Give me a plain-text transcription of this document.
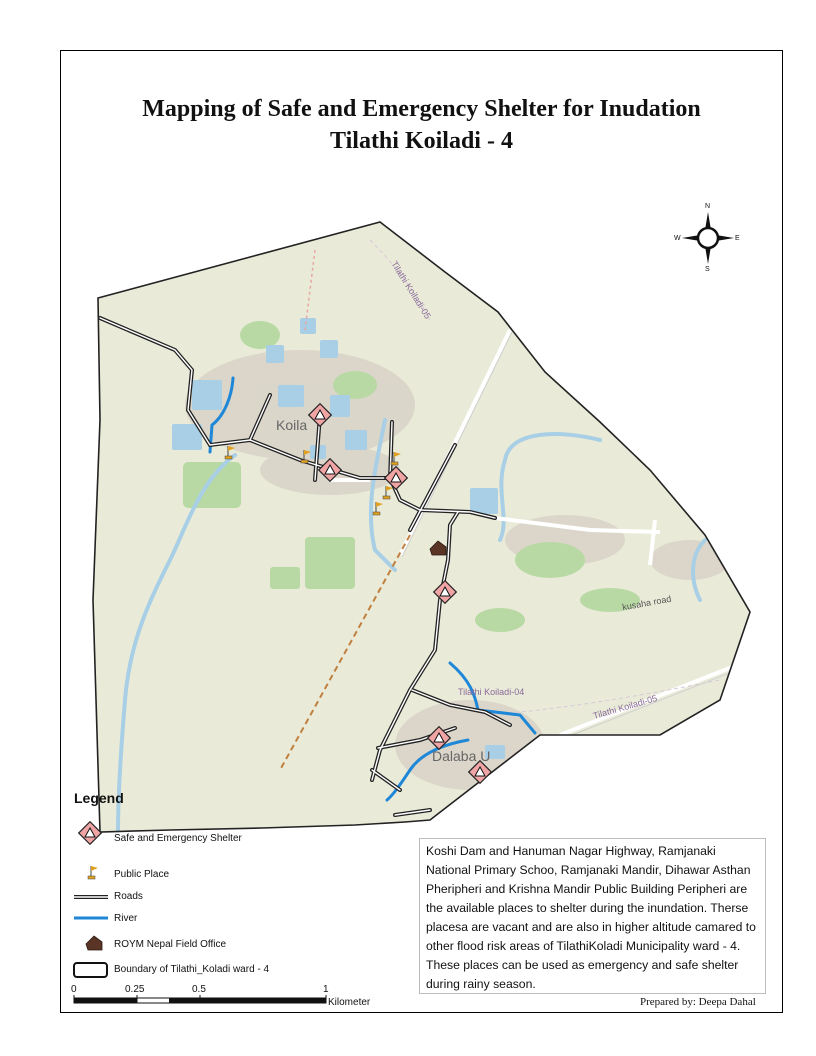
Mapping of Safe and Emergency Shelter for Inudation
Tilathi Koiladi - 4
N
S
E
W
Koila
Dalaba U
kusaha road
Tilathi Koiladi-05
Tilathi Koiladi-04
Tilathi Koiladi-05
Legend
Safe and Emergency Shelter
Public Place
Roads
River
ROYM Nepal Field Office
Boundary of Tilathi_Koladi ward - 4
0	0.25	0.5	1
Kilometer
Koshi Dam and Hanuman Nagar Highway, Ramjanaki National Primary Schoo, Ramjanaki Mandir, Dihawar Asthan Pheripheri and Krishna Mandir Public Building Peripheri are the available places to shelter during the inundation. Therse placesa are vacant and are also in higher altitude camared to other flood risk areas of TilathiKoladi Municipality ward - 4. These places can be used as emergency and safe shelter during rainy season.
Prepared by: Deepa Dahal
